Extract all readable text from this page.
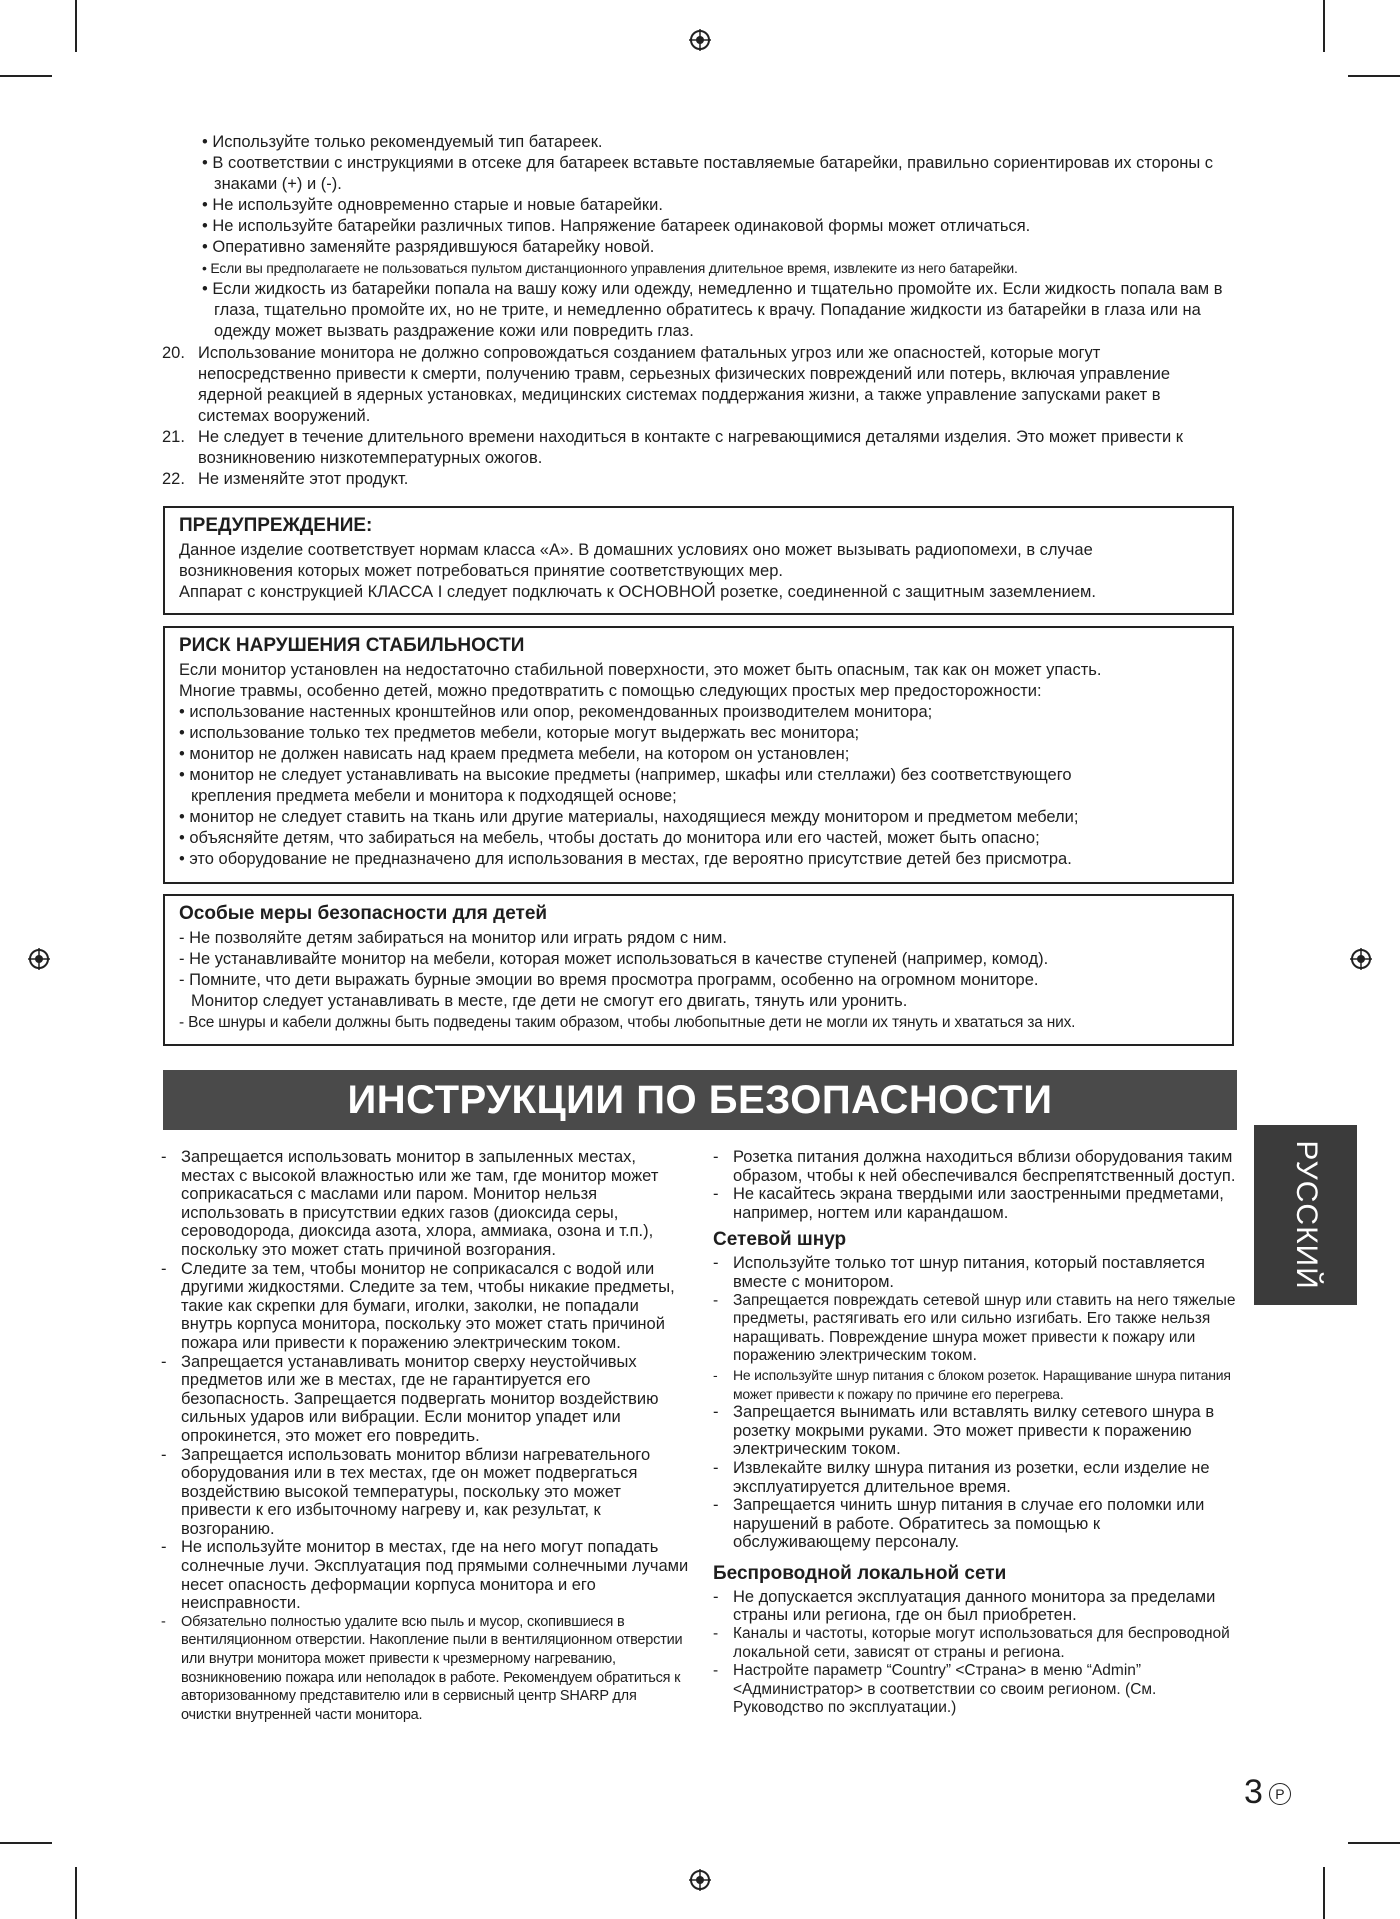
• Используйте только рекомендуемый тип батареек.
• В соответствии с инструкциями в отсеке для батареек вставьте поставляемые батарейки, правильно сориентировав их стороны с знаками (+) и (-).
• Не используйте одновременно старые и новые батарейки.
• Не используйте батарейки различных типов. Напряжение батареек одинаковой формы может отличаться.
• Оперативно заменяйте разрядившуюся батарейку новой.
• Если вы предполагаете не пользоваться пультом дистанционного управления длительное время, извлеките из него батарейки.
• Если жидкость из батарейки попала на вашу кожу или одежду, немедленно и тщательно промойте их. Если жидкость попала вам в глаза, тщательно промойте их, но не трите, и немедленно обратитесь к врачу. Попадание жидкости из батарейки в глаза или на одежду может вызвать раздражение кожи или повредить глаз.
20. Использование монитора не должно сопровождаться созданием фатальных угроз или же опасностей, которые могут непосредственно привести к смерти, получению травм, серьезных физических повреждений или потерь, включая управление ядерной реакцией в ядерных установках, медицинских системах поддержания жизни, а также управление запусками ракет в системах вооружений.
21. Не следует в течение длительного времени находиться в контакте с нагревающимися деталями изделия. Это может привести к возникновению низкотемпературных ожогов.
22. Не изменяйте этот продукт.
ПРЕДУПРЕЖДЕНИЕ:
Данное изделие соответствует нормам класса «A». В домашних условиях оно может вызывать радиопомехи, в случае
возникновения которых может потребоваться принятие соответствующих мер.
Аппарат с конструкцией КЛАССА I следует подключать к ОСНОВНОЙ розетке, соединенной с защитным заземлением.
РИСК НАРУШЕНИЯ СТАБИЛЬНОСТИ
Если монитор установлен на недостаточно стабильной поверхности, это может быть опасным, так как он может упасть.
Многие травмы, особенно детей, можно предотвратить с помощью следующих простых мер предосторожности:
• использование настенных кронштейнов или опор, рекомендованных производителем монитора;
• использование только тех предметов мебели, которые могут выдержать вес монитора;
• монитор не должен нависать над краем предмета мебели, на котором он установлен;
• монитор не следует устанавливать на высокие предметы (например, шкафы или стеллажи) без соответствующего
крепления предмета мебели и монитора к подходящей основе;
• монитор не следует ставить на ткань или другие материалы, находящиеся между монитором и предметом мебели;
• объясняйте детям, что забираться на мебель, чтобы достать до монитора или его частей, может быть опасно;
• это оборудование не предназначено для использования в местах, где вероятно присутствие детей без присмотра.
Особые меры безопасности для детей
- Не позволяйте детям забираться на монитор или играть рядом с ним.
- Не устанавливайте монитор на мебели, которая может использоваться в качестве ступеней (например, комод).
- Помните, что дети выражать бурные эмоции во время просмотра программ, особенно на огромном мониторе.
Монитор следует устанавливать в месте, где дети не смогут его двигать, тянуть или уронить.
- Все шнуры и кабели должны быть подведены таким образом, чтобы любопытные дети не могли их тянуть и хвататься за них.
ИНСТРУКЦИИ ПО БЕЗОПАСНОСТИ
РУССКИЙ
- Запрещается использовать монитор в запыленных местах, местах с высокой влажностью или же там, где монитор может соприкасаться с маслами или паром. Монитор нельзя использовать в присутствии едких газов (диоксида серы, сероводорода, диоксида азота, хлора, аммиака, озона и т.п.), поскольку это может стать причиной возгорания.
- Следите за тем, чтобы монитор не соприкасался с водой или другими жидкостями. Следите за тем, чтобы никакие предметы, такие как скрепки для бумаги, иголки, заколки, не попадали внутрь корпуса монитора, поскольку это может стать причиной пожара или привести к поражению электрическим током.
- Запрещается устанавливать монитор сверху неустойчивых предметов или же в местах, где не гарантируется его безопасность. Запрещается подвергать монитор воздействию сильных ударов или вибрации. Если монитор упадет или опрокинется, это может его повредить.
- Запрещается использовать монитор вблизи нагревательного оборудования или в тех местах, где он может подвергаться воздействию высокой температуры, поскольку это может привести к его избыточному нагреву и, как результат, к возгоранию.
- Не используйте монитор в местах, где на него могут попадать солнечные лучи. Эксплуатация под прямыми солнечными лучами несет опасность деформации корпуса монитора и его неисправности.
- Обязательно полностью удалите всю пыль и мусор, скопившиеся в вентиляционном отверстии. Накопление пыли в вентиляционном отверстии или внутри монитора может привести к чрезмерному нагреванию, возникновению пожара или неполадок в работе. Рекомендуем обратиться к авторизованному представителю или в сервисный центр SHARP для очистки внутренней части монитора.
- Розетка питания должна находиться вблизи оборудования таким образом, чтобы к ней обеспечивался беспрепятственный доступ.
- Не касайтесь экрана твердыми или заостренными предметами, например, ногтем или карандашом.
Сетевой шнур
- Используйте только тот шнур питания, который поставляется вместе с монитором.
- Запрещается повреждать сетевой шнур или ставить на него тяжелые предметы, растягивать его или сильно изгибать. Его также нельзя наращивать. Повреждение шнура может привести к пожару или поражению электрическим током.
- Не используйте шнур питания с блоком розеток. Наращивание шнура питания может привести к пожару по причине его перегрева.
- Запрещается вынимать или вставлять вилку сетевого шнура в розетку мокрыми руками. Это может привести к поражению электрическим током.
- Извлекайте вилку шнура питания из розетки, если изделие не эксплуатируется длительное время.
- Запрещается чинить шнур питания в случае его поломки или нарушений в работе. Обратитесь за помощью к обслуживающему персоналу.
Беспроводной локальной сети
- Не допускается эксплуатация данного монитора за пределами страны или региона, где он был приобретен.
- Каналы и частоты, которые могут использоваться для беспроводной локальной сети, зависят от страны и региона.
- Настройте параметр “Country” <Страна> в меню “Admin” <Администратор> в соответствии со своим регионом. (См. Руководство по эксплуатации.)
3 P
